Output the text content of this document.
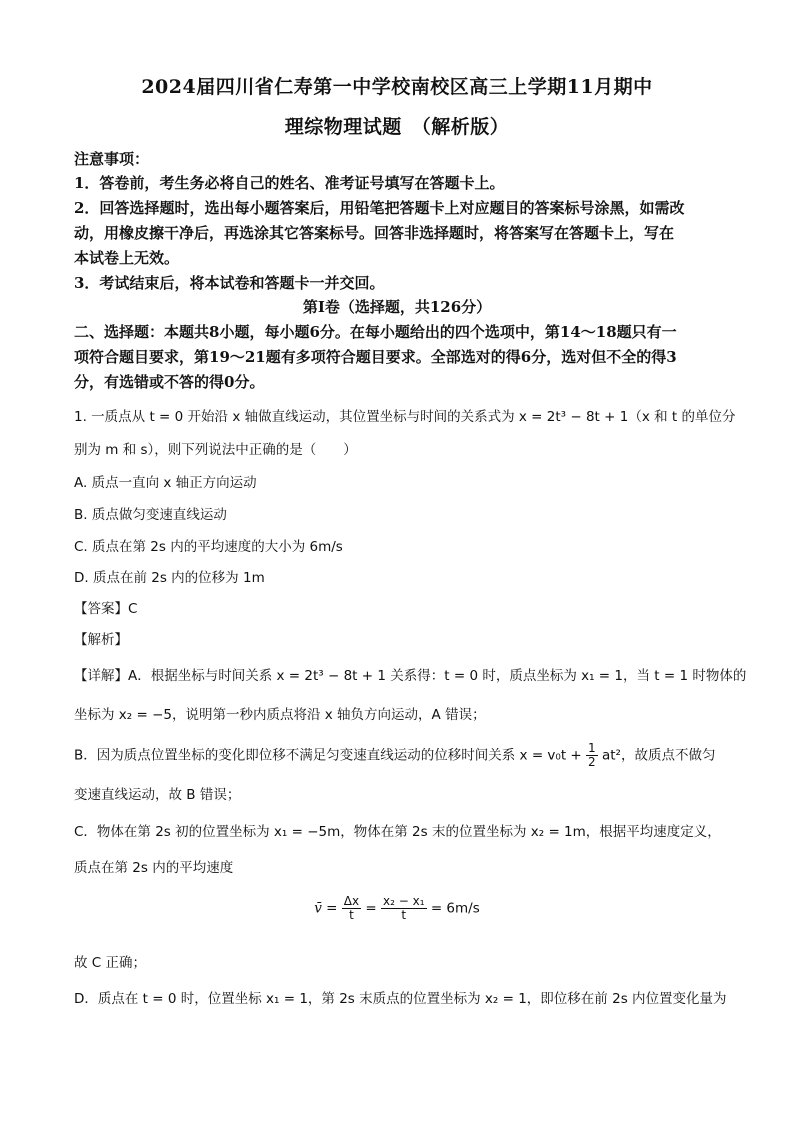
2024届四川省仁寿第一中学校南校区高三上学期11月期中
理综物理试题　（解析版）
注意事项：
1．答卷前，考生务必将自己的姓名、准考证号填写在答题卡上。
2．回答选择题时，选出每小题答案后，用铅笔把答题卡上对应题目的答案标号涂黑，如需改
动，用橡皮擦干净后，再选涂其它答案标号。回答非选择题时，将答案写在答题卡上，写在
本试卷上无效。
3．考试结束后，将本试卷和答题卡一并交回。
第Ⅰ卷（选择题，共126分）
二、选择题：本题共8小题，每小题6分。在每小题给出的四个选项中，第14～18题只有一
项符合题目要求，第19～21题有多项符合题目要求。全部选对的得6分，选对但不全的得3
分，有选错或不答的得0分。
1. 一质点从 t = 0 开始沿 x 轴做直线运动，其位置坐标与时间的关系式为 x = 2t³ − 8t + 1（x 和 t 的单位分
别为 m 和 s），则下列说法中正确的是（　　）
A. 质点一直向 x 轴正方向运动
B. 质点做匀变速直线运动
C. 质点在第 2s 内的平均速度的大小为 6m/s
D. 质点在前 2s 内的位移为 1m
【答案】C
【解析】
【详解】A．根据坐标与时间关系 x = 2t³ − 8t + 1 关系得：t = 0 时，质点坐标为 x₁ = 1，当 t = 1 时物体的
坐标为 x₂ = −5，说明第一秒内质点将沿 x 轴负方向运动，A 错误；
B．因为质点位置坐标的变化即位移不满足匀变速直线运动的位移时间关系 $x = v_0t + \frac{1}{2} at^2$，故质点不做匀
变速直线运动，故 B 错误；
C．物体在第 2s 初的位置坐标为 x₁ = −5m，物体在第 2s 末的位置坐标为 x₂ = 1m，根据平均速度定义，
质点在第 2s 内的平均速度
v̄ = $\frac{\Delta x}{t} = \frac{\text{x₂ − x₁}}{t} = 6m/s$
故 C 正确；
D．质点在 t = 0 时，位置坐标 x₁ = 1，第 2s 末质点的位置坐标为 x₂ = 1，即位移在前 2s 内位置变化量为
